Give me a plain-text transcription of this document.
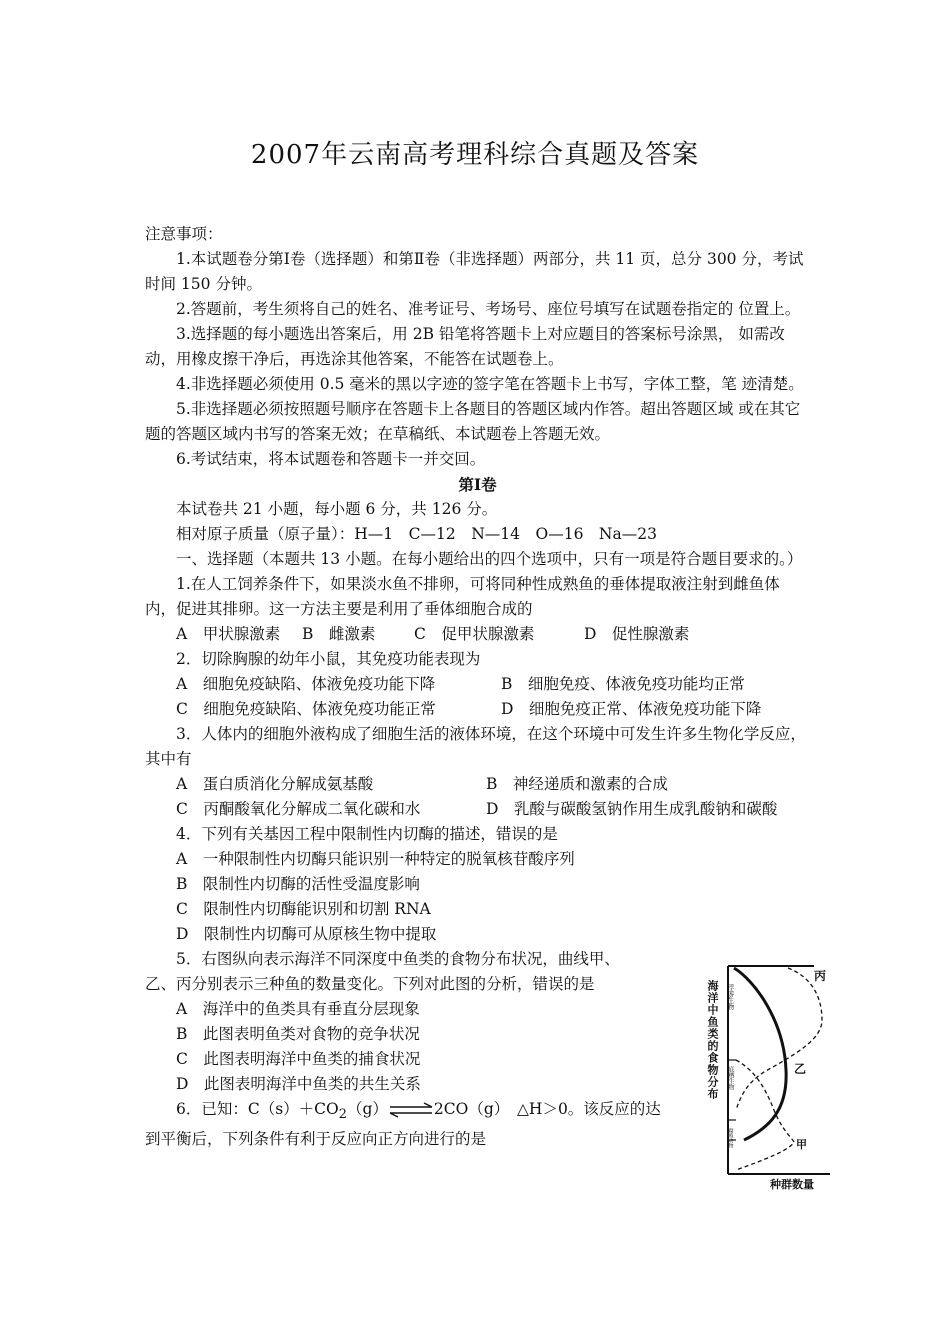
2007年云南高考理科综合真题及答案

注意事项：

1.本试题卷分第Ⅰ卷（选择题）和第Ⅱ卷（非选择题）两部分，共 11 页，总分 300 分，考试时间 150 分钟。

2.答题前，考生须将自己的姓名、准考证号、考场号、座位号填写在试题卷指定的 位置上。

3.选择题的每小题选出答案后，用 2B 铅笔将答题卡上对应题目的答案标号涂黑， 如需改动，用橡皮擦干净后，再选涂其他答案，不能答在试题卷上。

4.非选择题必须使用 0.5 毫米的黑以字迹的签字笔在答题卡上书写，字体工整，笔 迹清楚。

5.非选择题必须按照题号顺序在答题卡上各题目的答题区域内作答。超出答题区域 或在其它题的答题区域内书写的答案无效；在草稿纸、本试题卷上答题无效。

6.考试结束，将本试题卷和答题卡一并交回。

第Ⅰ卷

本试卷共 21 小题，每小题 6 分，共 126 分。

相对原子质量（原子量）：H—1　C—12　N—14　O—16　Na—23

一、选择题（本题共 13 小题。在每小题给出的四个选项中，只有一项是符合题目要求的。）

1.在人工饲养条件下，如果淡水鱼不排卵，可将同种性成熟鱼的垂体提取液注射到雌鱼体内，促进其排卵。这一方法主要是利用了垂体细胞合成的

A　甲状腺激素 B　雌激素 C　促甲状腺激素	D　促性腺激素

2．切除胸腺的幼年小鼠，其免疫功能表现为

A　细胞免疫缺陷、体液免疫功能下降	B　细胞免疫、体液免疫功能均正常

C　细胞免疫缺陷、体液免疫功能正常	D　细胞免疫正常、体液免疫功能下降

3．人体内的细胞外液构成了细胞生活的液体环境，在这个环境中可发生许多生物化学反应，其中有

A　蛋白质消化分解成氨基酸	B　神经递质和激素的合成

C　丙酮酸氧化分解成二氧化碳和水	D　乳酸与碳酸氢钠作用生成乳酸钠和碳酸

4．下列有关基因工程中限制性内切酶的描述，错误的是

A　一种限制性内切酶只能识别一种特定的脱氧核苷酸序列

B　限制性内切酶的活性受温度影响

C　限制性内切酶能识别和切割 RNA

D　限制性内切酶可从原核生物中提取

5．右图纵向表示海洋不同深度中鱼类的食物分布状况，曲线甲、乙、丙分别表示三种鱼的数量变化。下列对此图的分析，错误的是

A　海洋中的鱼类具有垂直分层现象

B　此图表明鱼类对食物的竞争状况

C　此图表明海洋中鱼类的捕食状况

D　此图表明海洋中鱼类的共生关系

6．已知：$C(s)+CO_2(g)\rightleftharpoons 2CO(g)$　△H＞0。该反应的达到平衡后，下列条件有利于反应向正方向进行的是

海洋中鱼类的食物分布 浮游生物
底栖生物
腐殖动物
丙
乙
甲
种群数量
